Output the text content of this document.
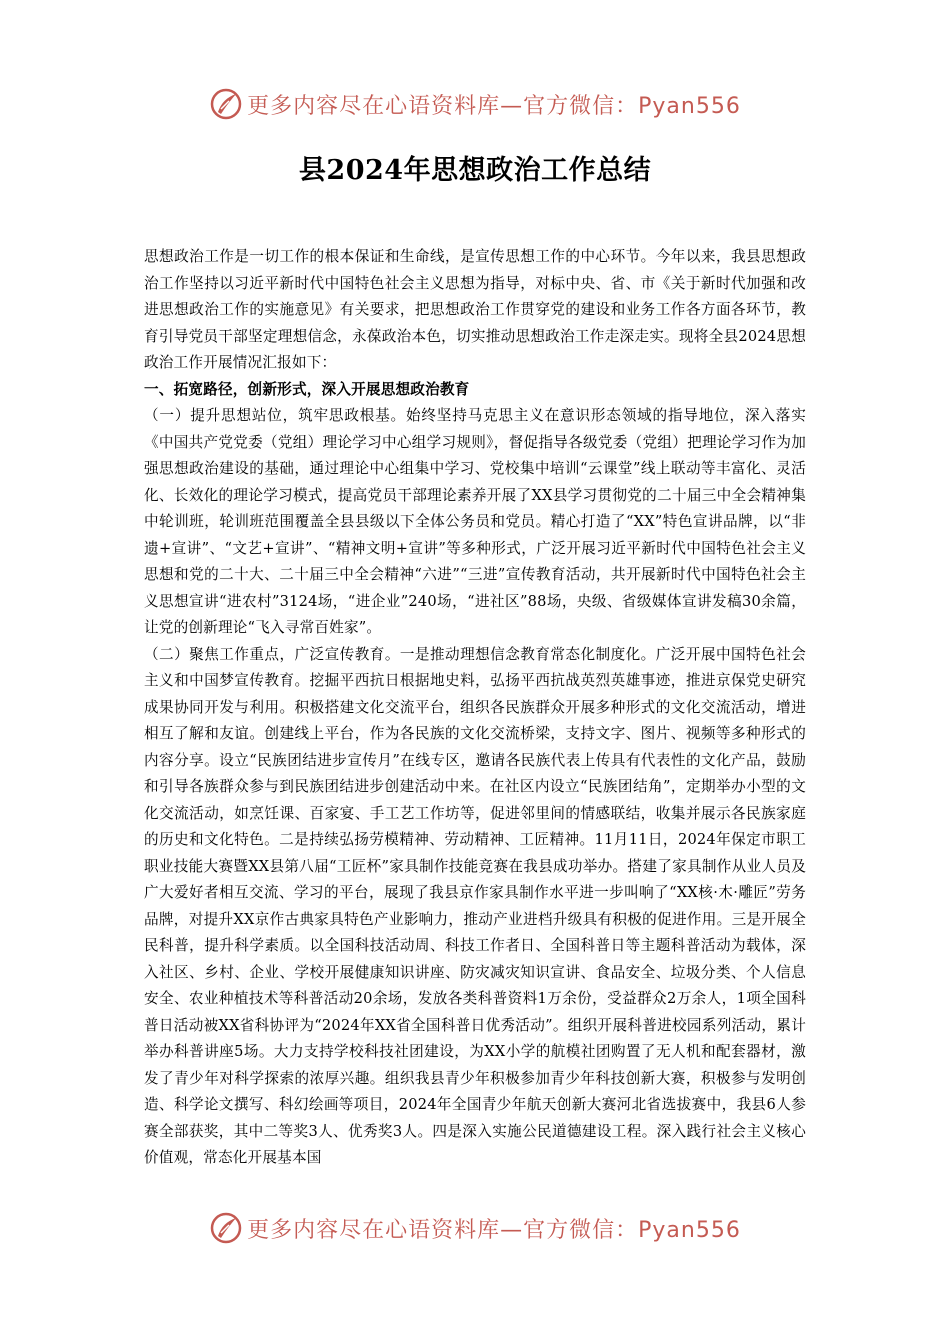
更多内容尽在心语资料库—官方微信：Pyan556
县2024年思想政治工作总结

思想政治工作是一切工作的根本保证和生命线，是宣传思想工作的中心环节。今年以来，我县思想政治工作坚持以习近平新时代中国特色社会主义思想为指导，对标中央、省、市《关于新时代加强和改进思想政治工作的实施意见》有关要求，把思想政治工作贯穿党的建设和业务工作各方面各环节，教育引导党员干部坚定理想信念，永葆政治本色，切实推动思想政治工作走深走实。现将全县2024思想政治工作开展情况汇报如下：

一、拓宽路径，创新形式，深入开展思想政治教育

（一）提升思想站位，筑牢思政根基。始终坚持马克思主义在意识形态领域的指导地位，深入落实《中国共产党党委（党组）理论学习中心组学习规则》，督促指导各级党委（党组）把理论学习作为加强思想政治建设的基础，通过理论中心组集中学习、党校集中培训“云课堂”线上联动等丰富化、灵活化、长效化的理论学习模式，提高党员干部理论素养开展了XX县学习贯彻党的二十届三中全会精神集中轮训班，轮训班范围覆盖全县县级以下全体公务员和党员。精心打造了“XX”特色宣讲品牌，以“非遗+宣讲”、“文艺+宣讲”、“精神文明+宣讲”等多种形式，广泛开展习近平新时代中国特色社会主义思想和党的二十大、二十届三中全会精神“六进”“三进”宣传教育活动，共开展新时代中国特色社会主义思想宣讲“进农村”3124场，“进企业”240场，“进社区”88场，央级、省级媒体宣讲发稿30余篇，让党的创新理论“飞入寻常百姓家”。

（二）聚焦工作重点，广泛宣传教育。一是推动理想信念教育常态化制度化。广泛开展中国特色社会主义和中国梦宣传教育。挖掘平西抗日根据地史料，弘扬平西抗战英烈英雄事迹，推进京保党史研究成果协同开发与利用。积极搭建文化交流平台，组织各民族群众开展多种形式的文化交流活动，增进相互了解和友谊。创建线上平台，作为各民族的文化交流桥梁，支持文字、图片、视频等多种形式的内容分享。设立“民族团结进步宣传月”在线专区，邀请各民族代表上传具有代表性的文化产品，鼓励和引导各族群众参与到民族团结进步创建活动中来。在社区内设立“民族团结角”，定期举办小型的文化交流活动，如烹饪课、百家宴、手工艺工作坊等，促进邻里间的情感联结，收集并展示各民族家庭的历史和文化特色。二是持续弘扬劳模精神、劳动精神、工匠精神。11月11日，2024年保定市职工职业技能大赛暨XX县第八届“工匠杯”家具制作技能竞赛在我县成功举办。搭建了家具制作从业人员及广大爱好者相互交流、学习的平台，展现了我县京作家具制作水平进一步叫响了“XX核·木·雕匠”劳务品牌，对提升XX京作古典家具特色产业影响力，推动产业进档升级具有积极的促进作用。三是开展全民科普，提升科学素质。以全国科技活动周、科技工作者日、全国科普日等主题科普活动为载体，深入社区、乡村、企业、学校开展健康知识讲座、防灾减灾知识宣讲、食品安全、垃圾分类、个人信息安全、农业种植技术等科普活动20余场，发放各类科普资料1万余份，受益群众2万余人，1项全国科普日活动被XX省科协评为“2024年XX省全国科普日优秀活动”。组织开展科普进校园系列活动，累计举办科普讲座5场。大力支持学校科技社团建设，为XX小学的航模社团购置了无人机和配套器材，激发了青少年对科学探索的浓厚兴趣。组织我县青少年积极参加青少年科技创新大赛，积极参与发明创造、科学论文撰写、科幻绘画等项目，2024年全国青少年航天创新大赛河北省选拔赛中，我县6人参赛全部获奖，其中二等奖3人、优秀奖3人。四是深入实施公民道德建设工程。深入践行社会主义核心价值观，常态化开展基本国

更多内容尽在心语资料库—官方微信：Pyan556
